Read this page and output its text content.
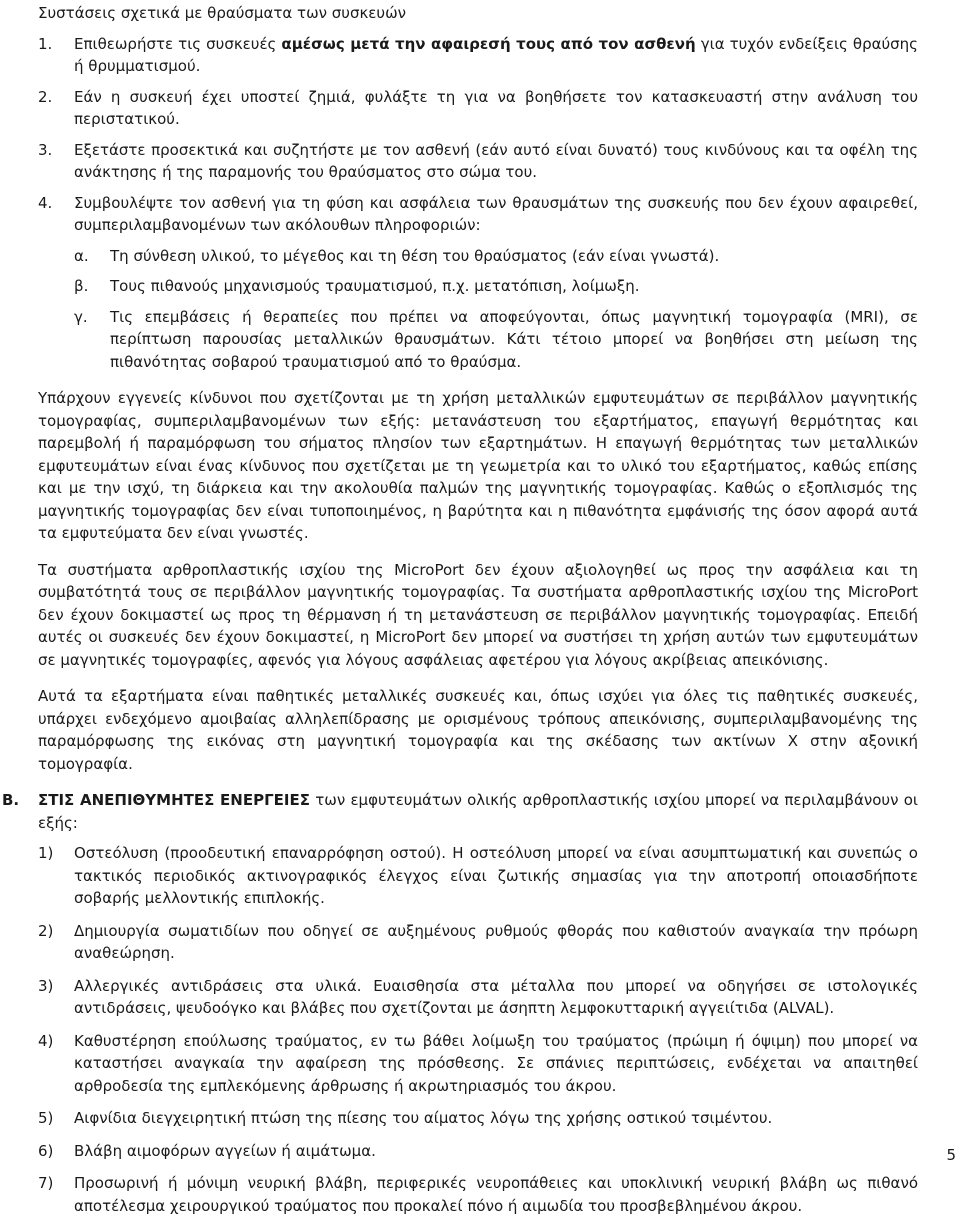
Συστάσεις σχετικά με θραύσματα των συσκευών

1.	Επιθεωρήστε τις συσκευές αμέσως μετά την αφαιρεσή τους από τον ασθενή για τυχόν ενδείξεις θραύσης ή θρυμματισμού.
2.	Εάν η συσκευή έχει υποστεί ζημιά, φυλάξτε τη για να βοηθήσετε τον κατασκευαστή στην ανάλυση του περιστατικού.
3.	Εξετάστε προσεκτικά και συζητήστε με τον ασθενή (εάν αυτό είναι δυνατό) τους κινδύνους και τα οφέλη της ανάκτησης ή της παραμονής του θραύσματος στο σώμα του.
4.	Συμβουλέψτε τον ασθενή για τη φύση και ασφάλεια των θραυσμάτων της συσκευής που δεν έχουν αφαιρεθεί, συμπεριλαμβανομένων των ακόλουθων πληροφοριών:
α.	Τη σύνθεση υλικού, το μέγεθος και τη θέση του θραύσματος (εάν είναι γνωστά).
β.	Τους πιθανούς μηχανισμούς τραυματισμού, π.χ. μετατόπιση, λοίμωξη.
γ.	Τις επεμβάσεις ή θεραπείες που πρέπει να αποφεύγονται, όπως μαγνητική τομογραφία (MRI), σε περίπτωση παρουσίας μεταλλικών θραυσμάτων. Κάτι τέτοιο μπορεί να βοηθήσει στη μείωση της πιθανότητας σοβαρού τραυματισμού από το θραύσμα.

Υπάρχουν εγγενείς κίνδυνοι που σχετίζονται με τη χρήση μεταλλικών εμφυτευμάτων σε περιβάλλον μαγνητικής τομογραφίας, συμπεριλαμβανομένων των εξής: μετανάστευση του εξαρτήματος, επαγωγή θερμότητας και παρεμβολή ή παραμόρφωση του σήματος πλησίον των εξαρτημάτων. Η επαγωγή θερμότητας των μεταλλικών εμφυτευμάτων είναι ένας κίνδυνος που σχετίζεται με τη γεωμετρία και το υλικό του εξαρτήματος, καθώς επίσης και με την ισχύ, τη διάρκεια και την ακολουθία παλμών της μαγνητικής τομογραφίας. Καθώς ο εξοπλισμός της μαγνητικής τομογραφίας δεν είναι τυποποιημένος, η βαρύτητα και η πιθανότητα εμφάνισής της όσον αφορά αυτά τα εμφυτεύματα δεν είναι γνωστές.

Τα συστήματα αρθροπλαστικής ισχίου της MicroPort δεν έχουν αξιολογηθεί ως προς την ασφάλεια και τη συμβατότητά τους σε περιβάλλον μαγνητικής τομογραφίας. Τα συστήματα αρθροπλαστικής ισχίου της MicroPort δεν έχουν δοκιμαστεί ως προς τη θέρμανση ή τη μετανάστευση σε περιβάλλον μαγνητικής τομογραφίας. Επειδή αυτές οι συσκευές δεν έχουν δοκιμαστεί, η MicroPort δεν μπορεί να συστήσει τη χρήση αυτών των εμφυτευμάτων σε μαγνητικές τομογραφίες, αφενός για λόγους ασφάλειας αφετέρου για λόγους ακρίβειας απεικόνισης.

Αυτά τα εξαρτήματα είναι παθητικές μεταλλικές συσκευές και, όπως ισχύει για όλες τις παθητικές συσκευές, υπάρχει ενδεχόμενο αμοιβαίας αλληλεπίδρασης με ορισμένους τρόπους απεικόνισης, συμπεριλαμβανομένης της παραμόρφωσης της εικόνας στη μαγνητική τομογραφία και της σκέδασης των ακτίνων X στην αξονική τομογραφία.

B.	ΣΤΙΣ ΑΝΕΠΙΘΥΜΗΤΕΣ ΕΝΕΡΓΕΙΕΣ των εμφυτευμάτων ολικής αρθροπλαστικής ισχίου μπορεί να περιλαμβάνουν οι εξής:
1)	Οστεόλυση (προοδευτική επαναρρόφηση οστού). Η οστεόλυση μπορεί να είναι ασυμπτωματική και συνεπώς ο τακτικός περιοδικός ακτινογραφικός έλεγχος είναι ζωτικής σημασίας για την αποτροπή οποιασδήποτε σοβαρής μελλοντικής επιπλοκής.
2)	Δημιουργία σωματιδίων που οδηγεί σε αυξημένους ρυθμούς φθοράς που καθιστούν αναγκαία την πρόωρη αναθεώρηση.
3)	Αλλεργικές αντιδράσεις στα υλικά. Ευαισθησία στα μέταλλα που μπορεί να οδηγήσει σε ιστολογικές αντιδράσεις, ψευδοόγκο και βλάβες που σχετίζονται με άσηπτη λεμφοκυτταρική αγγειίτιδα (ALVAL).
4)	Καθυστέρηση επούλωσης τραύματος, εν τω βάθει λοίμωξη του τραύματος (πρώιμη ή όψιμη) που μπορεί να καταστήσει αναγκαία την αφαίρεση της πρόσθεσης. Σε σπάνιες περιπτώσεις, ενδέχεται να απαιτηθεί αρθροδεσία της εμπλεκόμενης άρθρωσης ή ακρωτηριασμός του άκρου.
5)	Αιφνίδια διεγχειρητική πτώση της πίεσης του αίματος λόγω της χρήσης οστικού τσιμέντου.
6)	Βλάβη αιμοφόρων αγγείων ή αιμάτωμα.
7)	Προσωρινή ή μόνιμη νευρική βλάβη, περιφερικές νευροπάθειες και υποκλινική νευρική βλάβη ως πιθανό αποτέλεσμα χειρουργικού τραύματος που προκαλεί πόνο ή αιμωδία του προσβεβλημένου άκρου.
5
